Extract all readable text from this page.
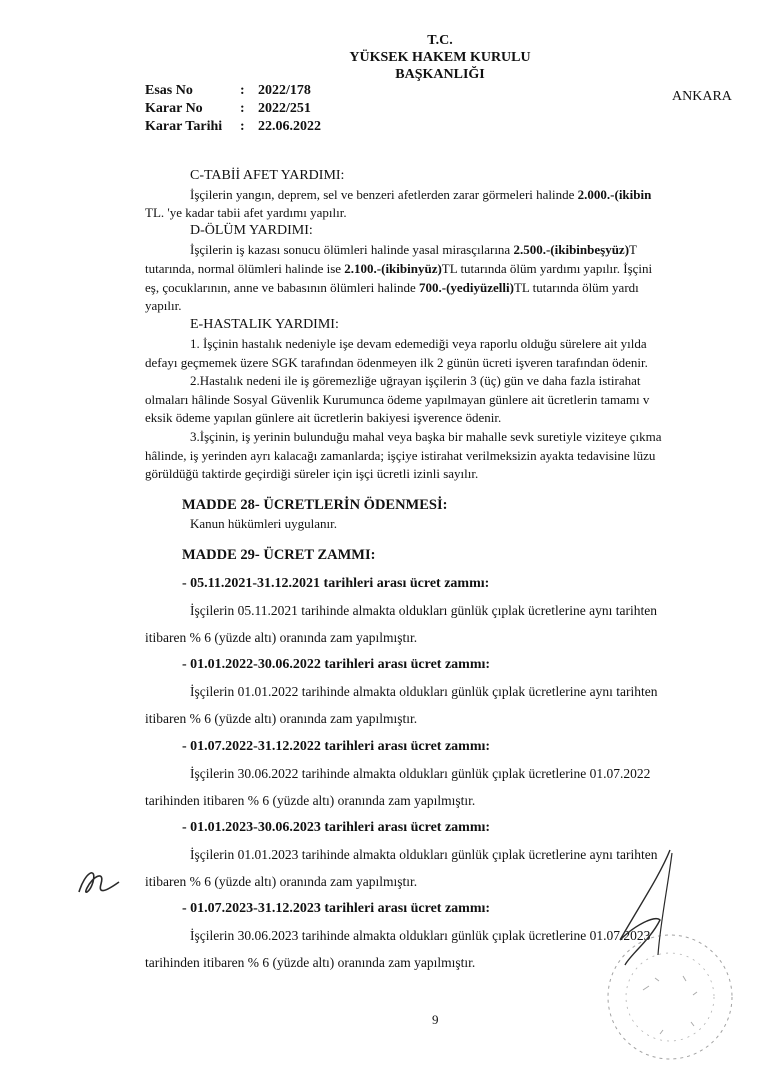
T.C.
YÜKSEK HAKEM KURULU
BAŞKANLIĞI
ANKARA
Esas No	: 2022/178
Karar No	: 2022/251
Karar Tarihi : 22.06.2022
C-TABİİ AFET YARDIMI:
İşçilerin yangın, deprem, sel ve benzeri afetlerden zarar görmeleri halinde 2.000.-(ikibin
TL. 'ye kadar tabii afet yardımı yapılır.
D-ÖLÜM YARDIMI:
İşçilerin iş kazası sonucu ölümleri halinde yasal mirasçılarına 2.500.-(ikibinbeşyüz)T
tutarında, normal ölümleri halinde ise 2.100.-(ikibinyüz)TL tutarında ölüm yardımı yapılır. İşçini
eş, çocuklarının, anne ve babasının ölümleri halinde 700.-(yediyüzelli)TL tutarında ölüm yardı
yapılır.
E-HASTALIK YARDIMI:
1. İşçinin hastalık nedeniyle işe devam edemediği veya raporlu olduğu sürelere ait yılda
defayı geçmemek üzere SGK tarafından ödenmeyen ilk 2 günün ücreti işveren tarafından ödenir.
2.Hastalık nedeni ile iş göremezliğe uğrayan işçilerin 3 (üç) gün ve daha fazla istirahat
olmaları hâlinde Sosyal Güvenlik Kurumunca ödeme yapılmayan günlere ait ücretlerin tamamı v
eksik ödeme yapılan günlere ait ücretlerin bakiyesi işverence ödenir.
3.İşçinin, iş yerinin bulunduğu mahal veya başka bir mahalle sevk suretiyle viziteye çıkma
hâlinde, iş yerinden ayrı kalacağı zamanlarda; işçiye istirahat verilmeksizin ayakta tedavisine lüzu
görüldüğü taktirde geçirdiği süreler için işçi ücretli izinli sayılır.
MADDE 28- ÜCRETLERİN ÖDENMESİ:
Kanun hükümleri uygulanır.
MADDE 29- ÜCRET ZAMMI:
- 05.11.2021-31.12.2021 tarihleri arası ücret zammı:
İşçilerin 05.11.2021 tarihinde almakta oldukları günlük çıplak ücretlerine aynı tarihten
itibaren % 6 (yüzde altı) oranında zam yapılmıştır.
- 01.01.2022-30.06.2022 tarihleri arası ücret zammı:
İşçilerin 01.01.2022 tarihinde almakta oldukları günlük çıplak ücretlerine aynı tarihten
itibaren % 6 (yüzde altı) oranında zam yapılmıştır.
- 01.07.2022-31.12.2022 tarihleri arası ücret zammı:
İşçilerin 30.06.2022 tarihinde almakta oldukları günlük çıplak ücretlerine 01.07.2022
tarihinden itibaren % 6 (yüzde altı) oranında zam yapılmıştır.
- 01.01.2023-30.06.2023 tarihleri arası ücret zammı:
İşçilerin 01.01.2023 tarihinde almakta oldukları günlük çıplak ücretlerine aynı tarihten
itibaren % 6 (yüzde altı) oranında zam yapılmıştır.
- 01.07.2023-31.12.2023 tarihleri arası ücret zammı:
İşçilerin 30.06.2023 tarihinde almakta oldukları günlük çıplak ücretlerine 01.07.2023
tarihinden itibaren % 6 (yüzde altı) oranında zam yapılmıştır.
9
